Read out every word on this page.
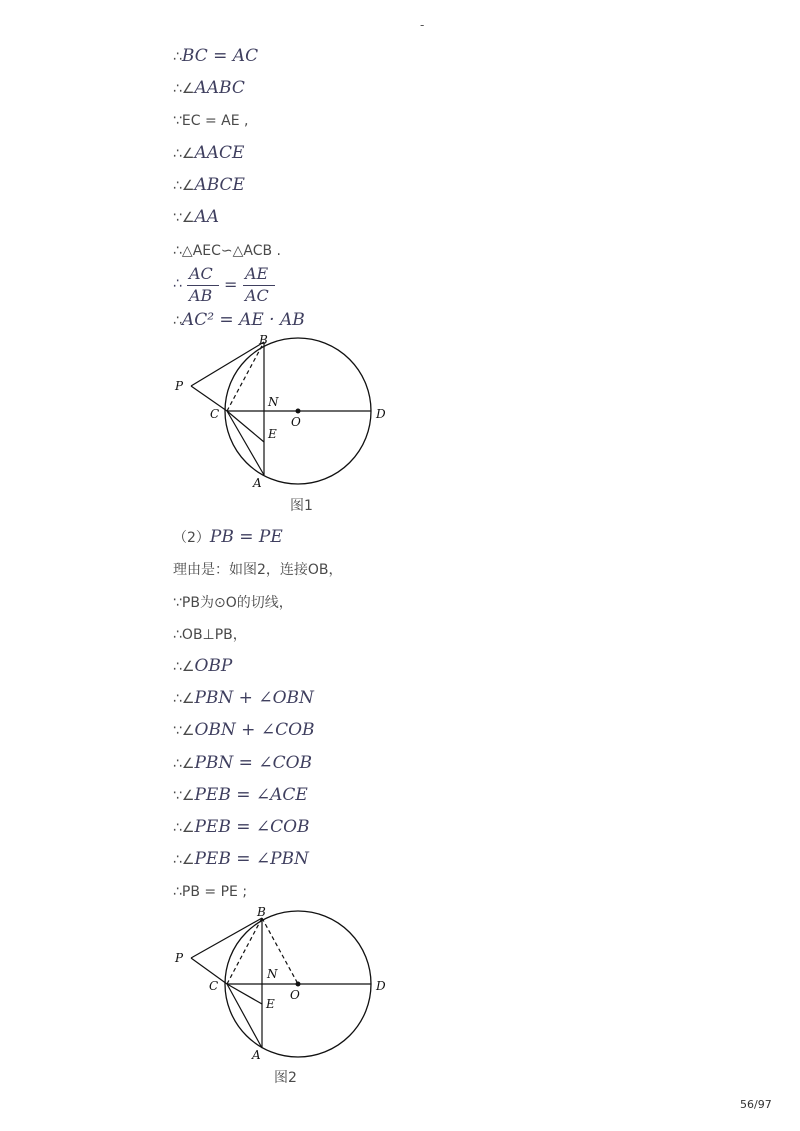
-
∴BC = AC
∴∠AABC
∵EC = AE ,
∴∠AACE
∴∠ABCE
∵∠AA
∴△AEC∽△ACB .
∴
AC
AB
=
AE
AC
∴AC² = AE · AB
B
P
N
C
O
D
E
A
图1
（2）PB = PE
理由是：如图2，连接OB，
∵PB为⊙O的切线，
∴OB⊥PB，
∴∠OBP
∴∠PBN + ∠OBN
∵∠OBN + ∠COB
∴∠PBN = ∠COB
∵∠PEB = ∠ACE
∴∠PEB = ∠COB
∴∠PEB = ∠PBN
∴PB = PE ;
B
P
N
C
O
D
E
A
图2
56/97
